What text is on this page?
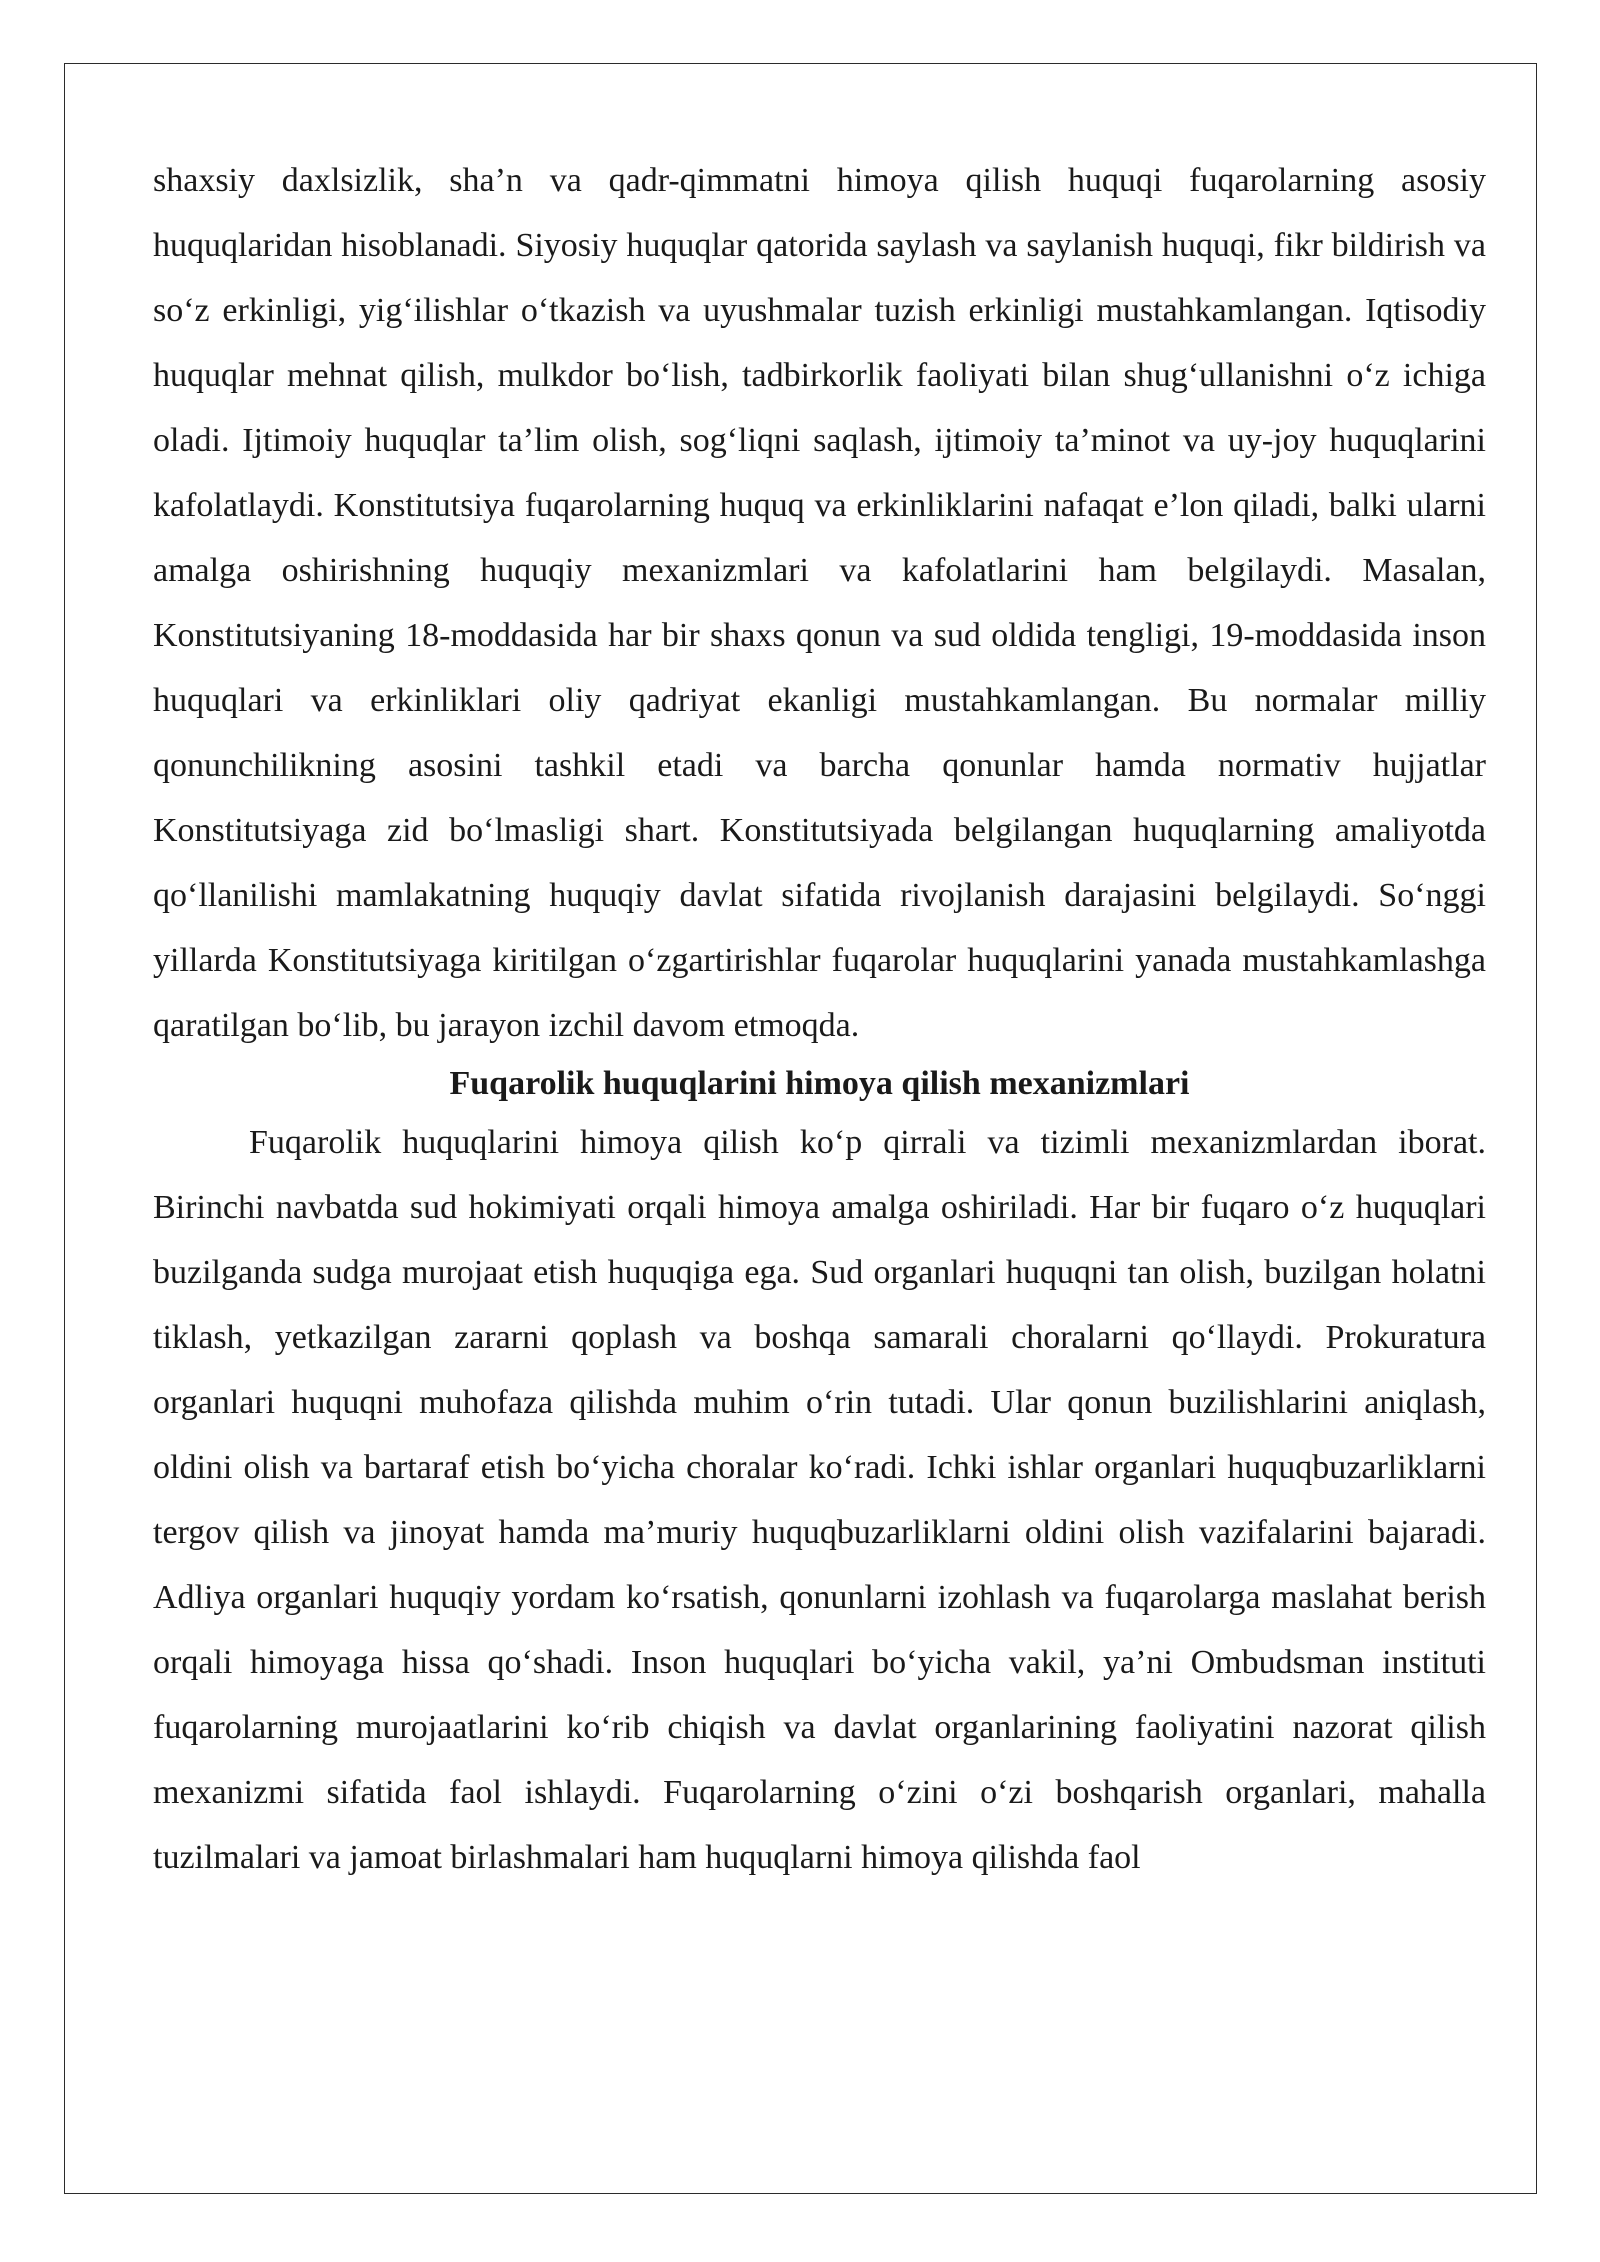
shaxsiy daxlsizlik, sha’n va qadr-qimmatni himoya qilish huquqi fuqarolarning asosiy huquqlaridan hisoblanadi. Siyosiy huquqlar qatorida saylash va saylanish huquqi, fikr bildirish va so‘z erkinligi, yig‘ilishlar o‘tkazish va uyushmalar tuzish erkinligi mustahkamlangan. Iqtisodiy huquqlar mehnat qilish, mulkdor bo‘lish, tadbirkorlik faoliyati bilan shug‘ullanishni o‘z ichiga oladi. Ijtimoiy huquqlar ta’lim olish, sog‘liqni saqlash, ijtimoiy ta’minot va uy-joy huquqlarini kafolatlaydi. Konstitutsiya fuqarolarning huquq va erkinliklarini nafaqat e’lon qiladi, balki ularni amalga oshirishning huquqiy mexanizmlari va kafolatlarini ham belgilaydi. Masalan, Konstitutsiyaning 18-moddasida har bir shaxs qonun va sud oldida tengligi, 19-moddasida inson huquqlari va erkinliklari oliy qadriyat ekanligi mustahkamlangan. Bu normalar milliy qonunchilikning asosini tashkil etadi va barcha qonunlar hamda normativ hujjatlar Konstitutsiyaga zid bo‘lmasligi shart. Konstitutsiyada belgilangan huquqlarning amaliyotda qo‘llanilishi mamlakatning huquqiy davlat sifatida rivojlanish darajasini belgilaydi. So‘nggi yillarda Konstitutsiyaga kiritilgan o‘zgartirishlar fuqarolar huquqlarini yanada mustahkamlashga qaratilgan bo‘lib, bu jarayon izchil davom etmoqda.

Fuqarolik huquqlarini himoya qilish mexanizmlari

Fuqarolik huquqlarini himoya qilish ko‘p qirrali va tizimli mexanizmlardan iborat. Birinchi navbatda sud hokimiyati orqali himoya amalga oshiriladi. Har bir fuqaro o‘z huquqlari buzilganda sudga murojaat etish huquqiga ega. Sud organlari huquqni tan olish, buzilgan holatni tiklash, yetkazilgan zararni qoplash va boshqa samarali choralarni qo‘llaydi. Prokuratura organlari huquqni muhofaza qilishda muhim o‘rin tutadi. Ular qonun buzilishlarini aniqlash, oldini olish va bartaraf etish bo‘yicha choralar ko‘radi. Ichki ishlar organlari huquqbuzarliklarni tergov qilish va jinoyat hamda ma’muriy huquqbuzarliklarni oldini olish vazifalarini bajaradi. Adliya organlari huquqiy yordam ko‘rsatish, qonunlarni izohlash va fuqarolarga maslahat berish orqali himoyaga hissa qo‘shadi. Inson huquqlari bo‘yicha vakil, ya’ni Ombudsman instituti fuqarolarning murojaatlarini ko‘rib chiqish va davlat organlarining faoliyatini nazorat qilish mexanizmi sifatida faol ishlaydi. Fuqarolarning o‘zini o‘zi boshqarish organlari, mahalla tuzilmalari va jamoat birlashmalari ham huquqlarni himoya qilishda faol
